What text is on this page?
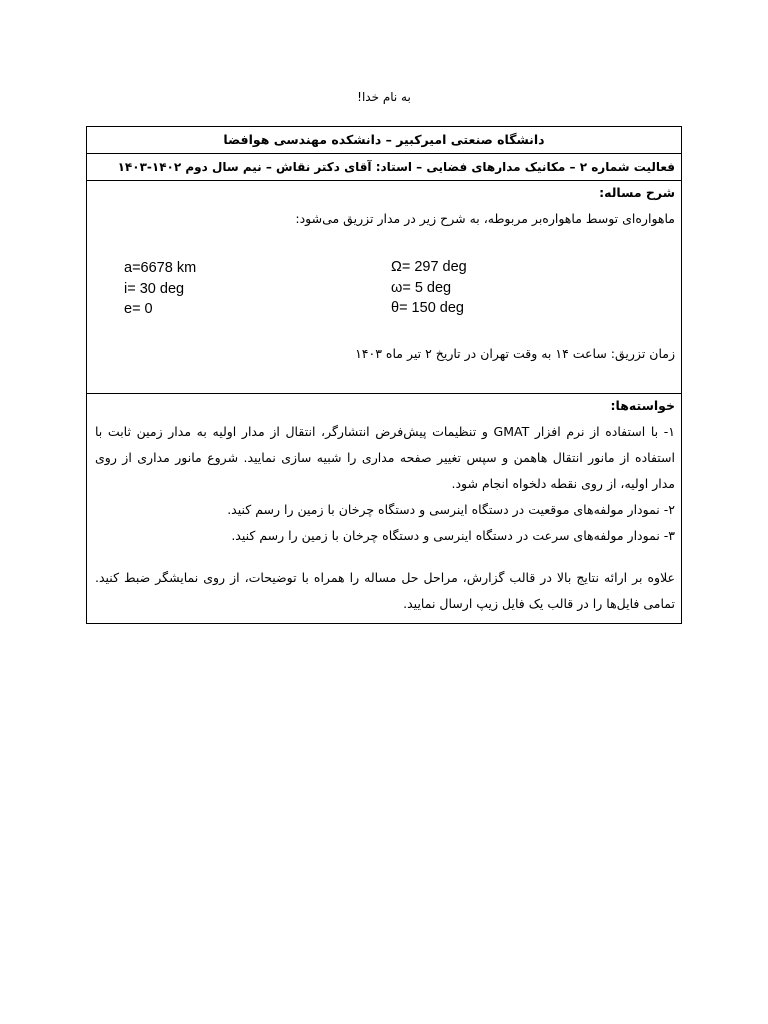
به نام خدا!
دانشگاه صنعتی امیرکبیر – دانشکده مهندسی هوافضا
فعالیت شماره ۲ – مکانیک مدارهای فضایی – استاد: آقای دکتر نقاش – نیم سال دوم ۱۴۰۲-۱۴۰۳
شرح مساله:
ماهواره‌ای توسط ماهواره‌بر مربوطه، به شرح زیر در مدار تزریق می‌شود:
a=6678 km
i= 30 deg
e= 0
Ω= 297 deg
ω= 5 deg
θ= 150 deg
زمان تزریق: ساعت ۱۴ به وقت تهران در تاریخ ۲ تیر ماه ۱۴۰۳
خواسته‌ها:
۱- با استفاده از نرم افزار GMAT و تنظیمات پیش‌فرض انتشارگر، انتقال از مدار اولیه به مدار زمین ثابت با استفاده از مانور انتقال هاهمن و سپس تغییر صفحه مداری را شبیه سازی نمایید. شروع مانور مداری از روی مدار اولیه، از روی نقطه دلخواه انجام شود.
۲- نمودار مولفه‌های موقعیت در دستگاه اینرسی و دستگاه چرخان با زمین را رسم کنید.
۳- نمودار مولفه‌های سرعت در دستگاه اینرسی و دستگاه چرخان با زمین را رسم کنید.
علاوه بر ارائه نتایج بالا در قالب گزارش، مراحل حل مساله را همراه با توضیحات، از روی نمایشگر ضبط کنید. تمامی فایل‌ها را در قالب یک فایل زیپ ارسال نمایید.
